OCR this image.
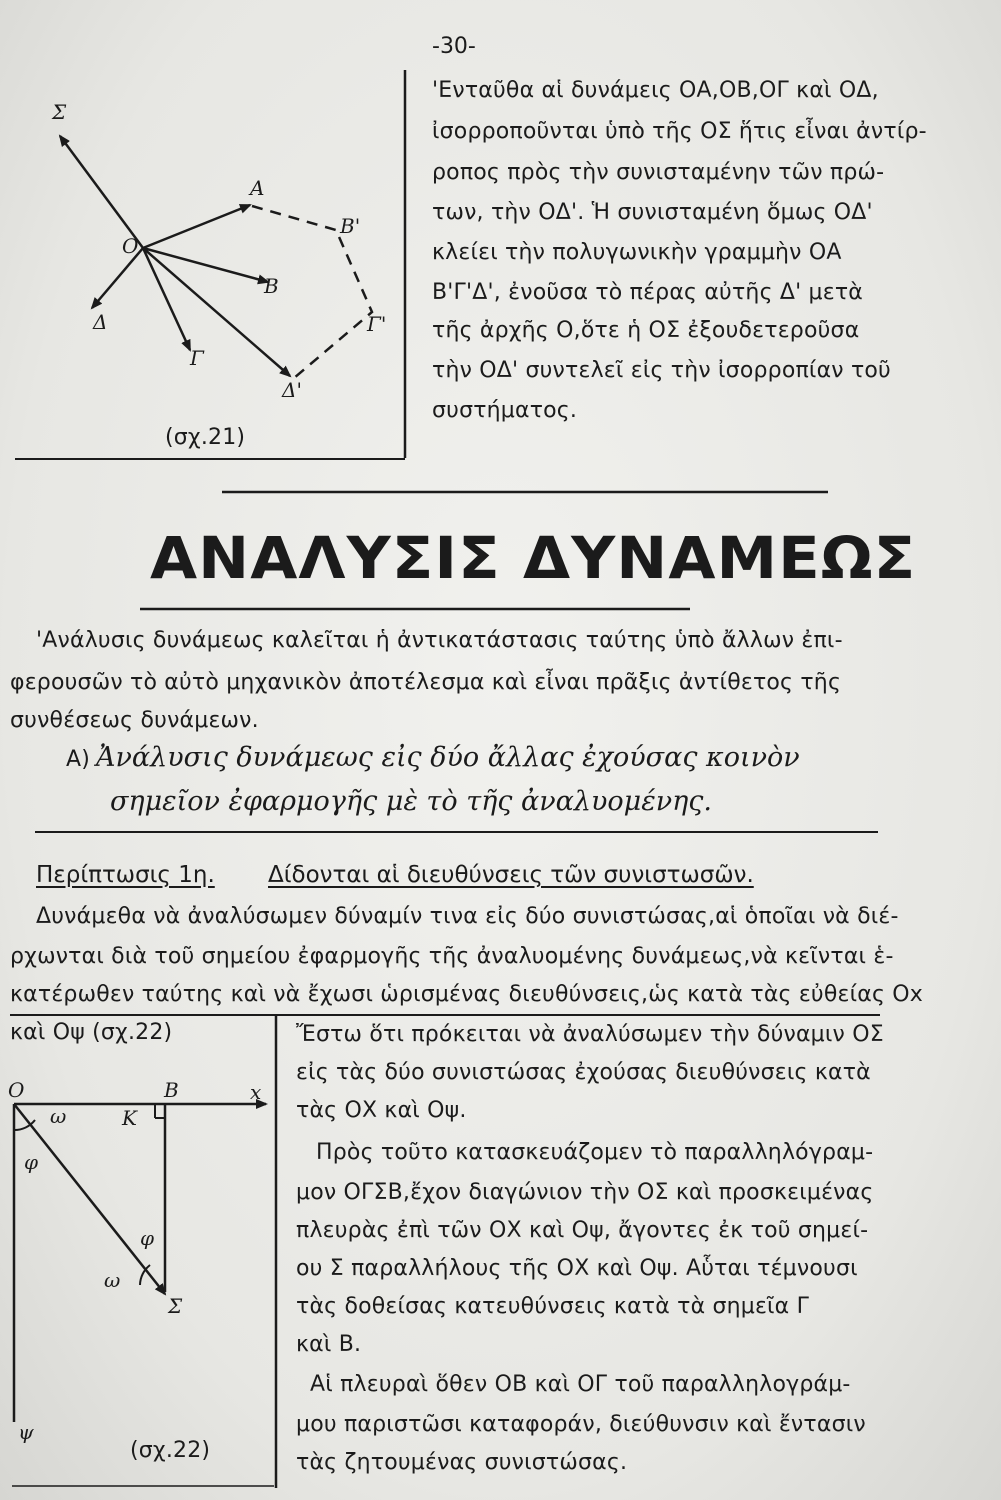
-30-
Σ
Α
Β'
Ο
Β
Δ
Γ
Γ'
Δ'
(σχ.21)
'Ενταῦθα αἱ δυνάμεις ΟΑ,ΟΒ,ΟΓ καὶ ΟΔ,
ἰσορροποῦνται ὑπὸ τῆς ΟΣ ἥτις εἶναι ἀντίρ-
ροπος πρὸς τὴν συνισταμένην τῶν πρώ-
των, τὴν ΟΔ'. Ἡ συνισταμένη ὅμως ΟΔ'
κλείει τὴν πολυγωνικὴν γραμμὴν ΟΑ
Β'Γ'Δ', ἐνοῦσα τὸ πέρας αὐτῆς Δ' μετὰ
τῆς ἀρχῆς Ο,ὅτε ἡ ΟΣ ἐξουδετεροῦσα
τὴν ΟΔ' συντελεῖ εἰς τὴν ἰσορροπίαν τοῦ
συστήματος.
ΑΝΑΛΥΣΙΣ ΔΥΝΑΜΕΩΣ
'Ανάλυσις δυνάμεως καλεῖται ἡ ἀντικατάστασις ταύτης ὑπὸ ἄλλων ἐπι-
φερουσῶν τὸ αὐτὸ μηχανικὸν ἀποτέλεσμα καὶ εἶναι πρᾶξις ἀντίθετος τῆς
συνθέσεως δυνάμεων.
A) Ἀνάλυσις δυνάμεως εἰς δύο ἄλλας ἐχούσας κοινὸν
σημεῖον ἐφαρμογῆς μὲ τὸ τῆς ἀναλυομένης.
Περίπτωσις 1η. Δίδονται αἱ διευθύνσεις τῶν συνιστωσῶν.
Δυνάμεθα νὰ ἀναλύσωμεν δύναμίν τινα εἰς δύο συνιστώσας,αἱ ὁποῖαι νὰ διέ-
ρχωνται διὰ τοῦ σημείου ἐφαρμογῆς τῆς ἀναλυομένης δυνάμεως,νὰ κεῖνται ἑ-
κατέρωθεν ταύτης καὶ νὰ ἔχωσι ὡρισμένας διευθύνσεις,ὡς κατὰ τὰς εὐθείας Οx
καὶ Οψ (σχ.22)
Ο	Β	x
Κ
ω
φ
φ
ω
Σ
ψ
(σχ.22)
Ἔστω ὅτι πρόκειται νὰ ἀναλύσωμεν τὴν δύναμιν ΟΣ
εἰς τὰς δύο συνιστώσας ἐχούσας διευθύνσεις κατὰ
τὰς ΟΧ καὶ Οψ.
Πρὸς τοῦτο κατασκευάζομεν τὸ παραλληλόγραμ-
μον ΟΓΣΒ,ἔχον διαγώνιον τὴν ΟΣ καὶ προσκειμένας
πλευρὰς ἐπὶ τῶν ΟΧ καὶ Οψ, ἄγοντες ἐκ τοῦ σημεί-
ου Σ παραλλήλους τῆς ΟΧ καὶ Οψ. Αὗται τέμνουσι
τὰς δοθείσας κατευθύνσεις κατὰ τὰ σημεῖα Γ
καὶ Β.
Αἱ πλευραὶ ὅθεν ΟΒ καὶ ΟΓ τοῦ παραλληλογράμ-
μου παριστῶσι καταφοράν, διεύθυνσιν καὶ ἔντασιν
τὰς ζητουμένας συνιστώσας.
